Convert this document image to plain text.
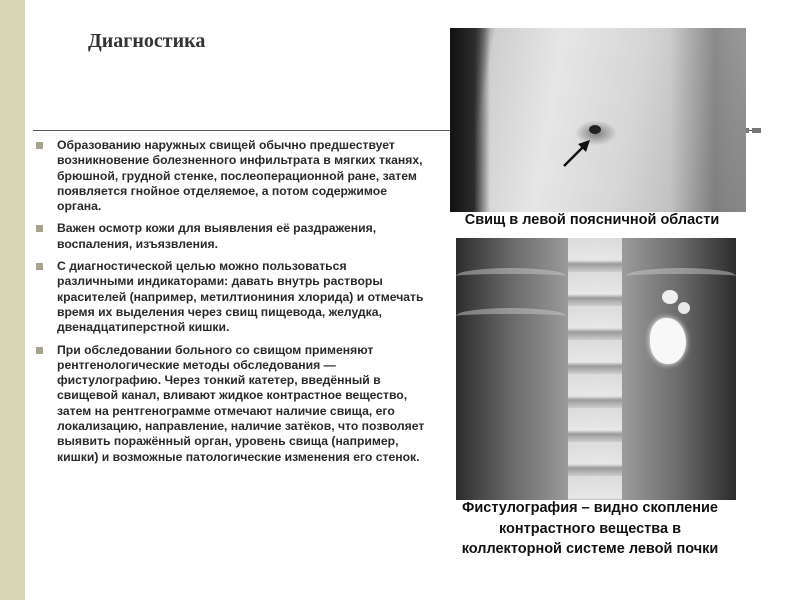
Диагностика
Образованию наружных свищей обычно предшествует возникновение болезненного инфильтрата в мягких тканях, брюшной, грудной стенке, послеоперационной ране, затем появляется гнойное отделяемое, а потом содержимое органа.
Важен осмотр кожи для выявления её раздражения, воспаления, изъязвления.
С диагностической целью можно пользоваться различными индикаторами: давать внутрь растворы красителей (например, метилтиониния хлорида) и отмечать время их выделения через свищ пищевода, желудка, двенадцатиперстной кишки.
При обследовании больного со свищом применяют рентгенологические методы обследования — фистулографию. Через тонкий катетер, введённый в свищевой канал, вливают жидкое контрастное вещество, затем на рентгенограмме отмечают наличие свища, его локализацию, направление, наличие затёков, что позволяет выявить поражённый орган, уровень свища (например, кишки) и возможные патологические изменения его стенок.
Свищ в левой поясничной области
Фистулография – видно скопление
контрастного вещества в
коллекторной системе левой почки
